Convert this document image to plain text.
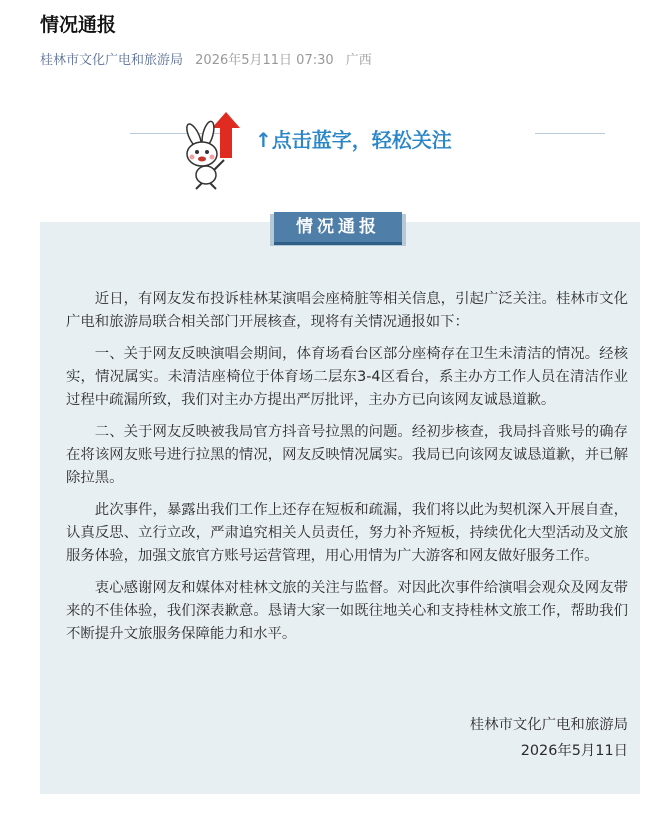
情况通报
桂林市文化广电和旅游局 2026年5月11日 07:30 广西
↑点击蓝字，轻松关注
情况通报

近日，有网友发布投诉桂林某演唱会座椅脏等相关信息，引起广泛关注。桂林市文化广电和旅游局联合相关部门开展核查，现将有关情况通报如下：

一、关于网友反映演唱会期间，体育场看台区部分座椅存在卫生未清洁的情况。经核实，情况属实。未清洁座椅位于体育场二层东3-4区看台，系主办方工作人员在清洁作业过程中疏漏所致，我们对主办方提出严厉批评，主办方已向该网友诚恳道歉。

二、关于网友反映被我局官方抖音号拉黑的问题。经初步核查，我局抖音账号的确存在将该网友账号进行拉黑的情况，网友反映情况属实。我局已向该网友诚恳道歉，并已解除拉黑。

此次事件，暴露出我们工作上还存在短板和疏漏，我们将以此为契机深入开展自查，认真反思、立行立改，严肃追究相关人员责任，努力补齐短板，持续优化大型活动及文旅服务体验，加强文旅官方账号运营管理，用心用情为广大游客和网友做好服务工作。

衷心感谢网友和媒体对桂林文旅的关注与监督。对因此次事件给演唱会观众及网友带来的不佳体验，我们深表歉意。恳请大家一如既往地关心和支持桂林文旅工作，帮助我们不断提升文旅服务保障能力和水平。

桂林市文化广电和旅游局
2026年5月11日
